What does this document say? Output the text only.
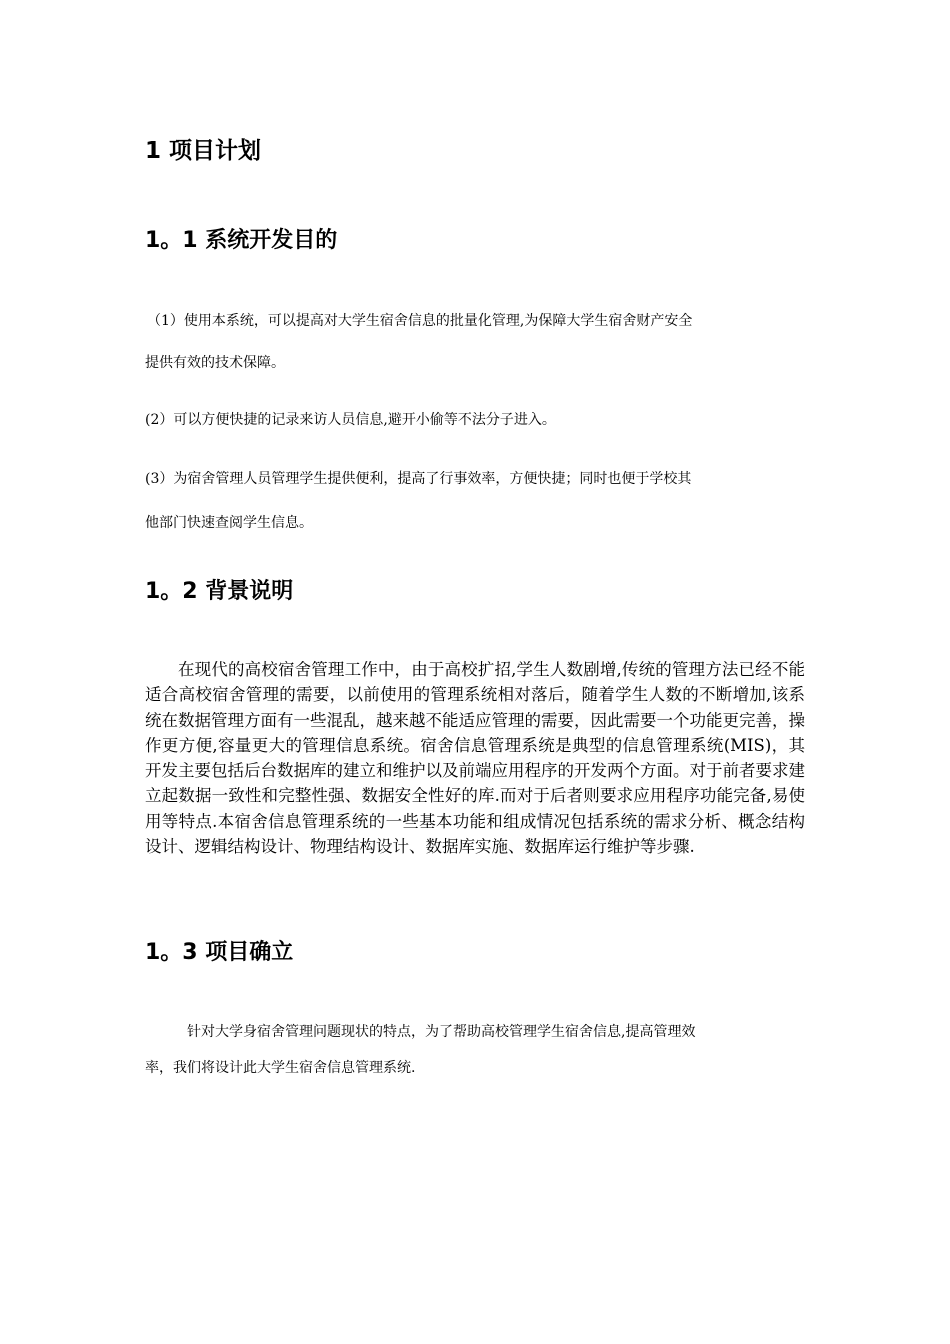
1 项目计划
1。1 系统开发目的

（1）使用本系统，可以提高对大学生宿舍信息的批量化管理,为保障大学生宿舍财产安全

提供有效的技术保障。

(2）可以方便快捷的记录来访人员信息,避开小偷等不法分子进入。

(3）为宿舍管理人员管理学生提供便利，提高了行事效率，方便快捷；同时也便于学校其

他部门快速查阅学生信息。

1。2 背景说明

在现代的高校宿舍管理工作中，由于高校扩招,学生人数剧增,传统的管理方法已经不能适合高校宿舍管理的需要，以前使用的管理系统相对落后，随着学生人数的不断增加,该系统在数据管理方面有一些混乱，越来越不能适应管理的需要，因此需要一个功能更完善，操作更方便,容量更大的管理信息系统。宿舍信息管理系统是典型的信息管理系统(MIS)，其开发主要包括后台数据库的建立和维护以及前端应用程序的开发两个方面。对于前者要求建立起数据一致性和完整性强、数据安全性好的库.而对于后者则要求应用程序功能完备,易使用等特点.本宿舍信息管理系统的一些基本功能和组成情况包括系统的需求分析、概念结构设计、逻辑结构设计、物理结构设计、数据库实施、数据库运行维护等步骤.

1。3 项目确立

针对大学身宿舍管理问题现状的特点，为了帮助高校管理学生宿舍信息,提高管理效

率，我们将设计此大学生宿舍信息管理系统.
